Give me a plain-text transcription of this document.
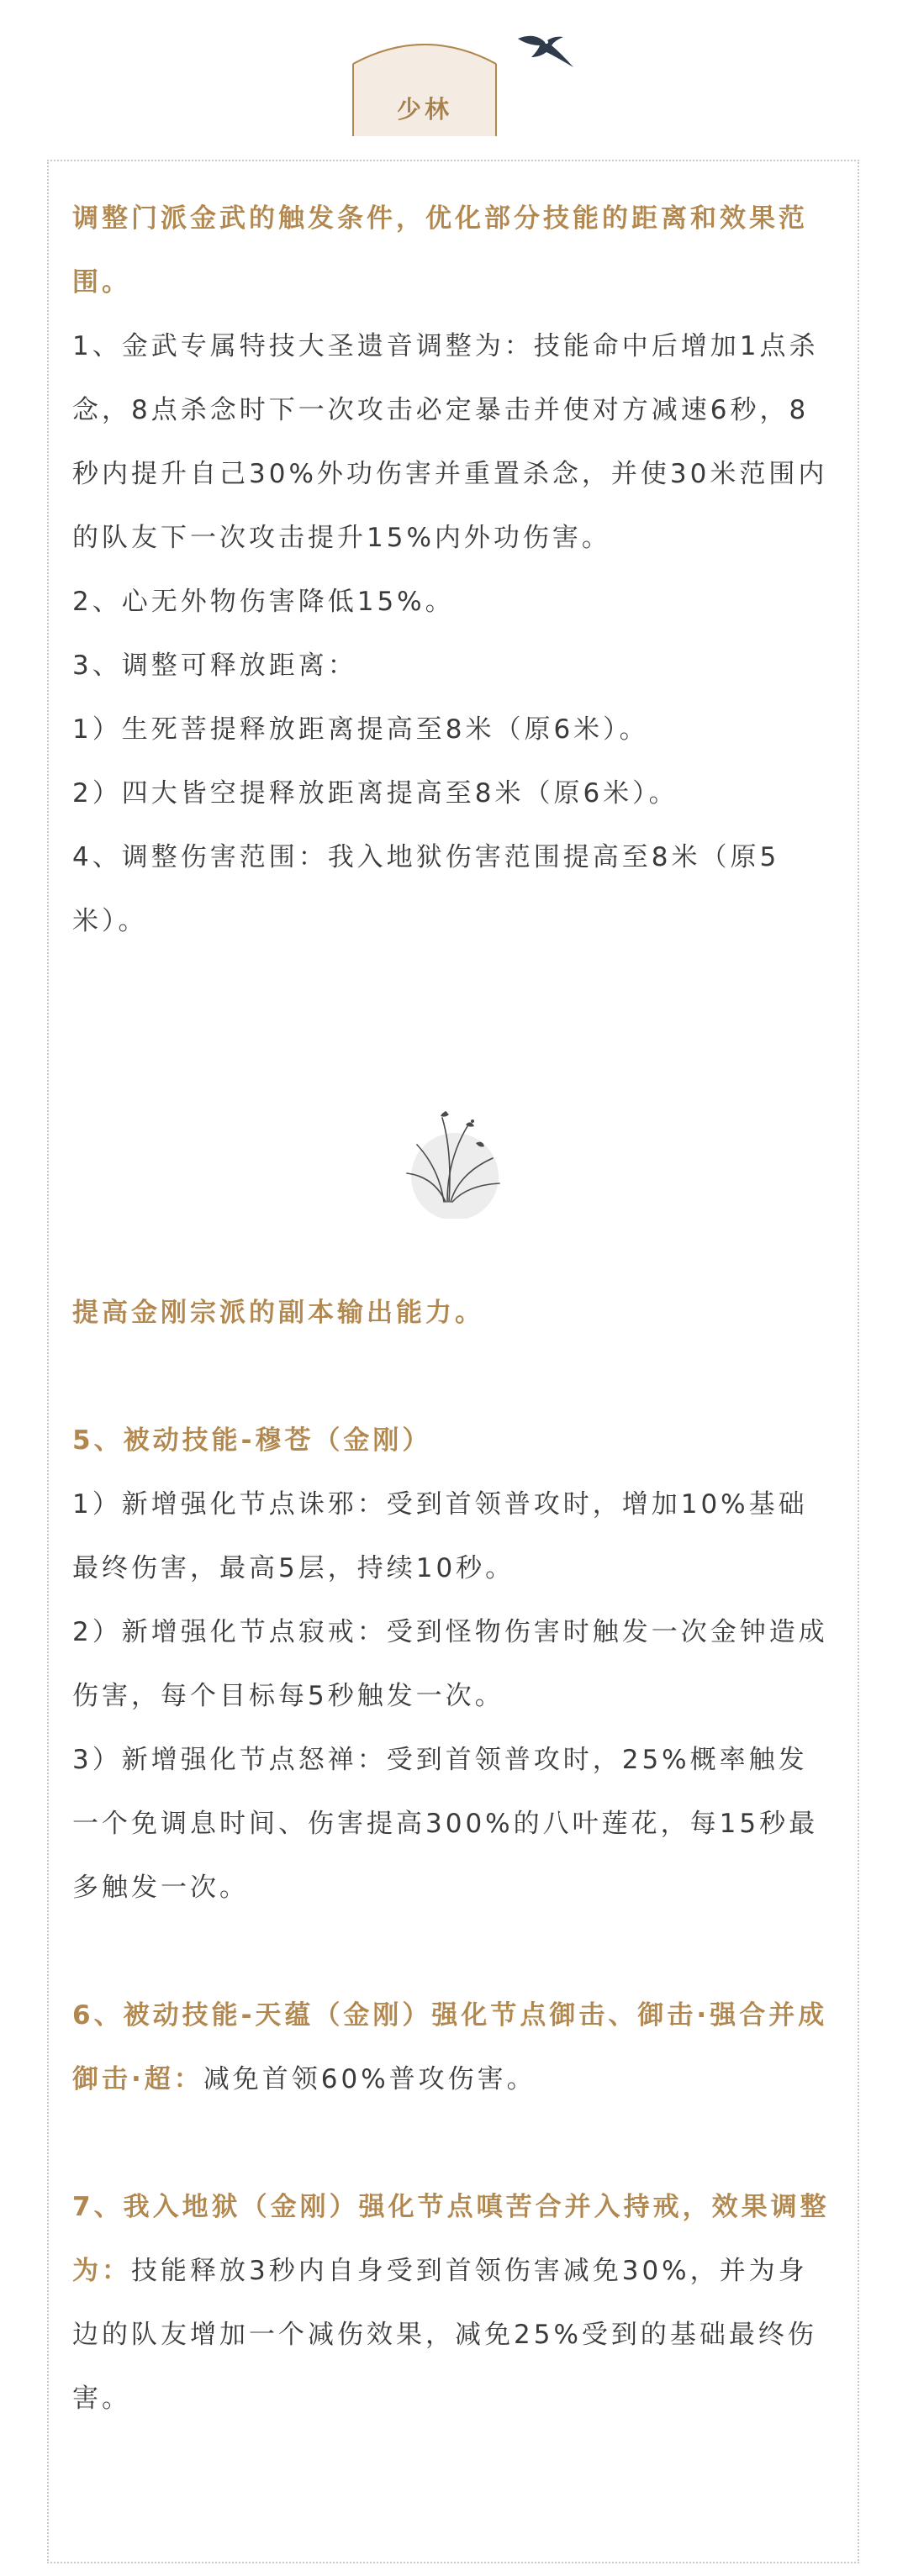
少林

调整门派金武的触发条件，优化部分技能的距离和效果范围。

1、金武专属特技大圣遗音调整为：技能命中后增加1点杀念，8点杀念时下一次攻击必定暴击并使对方减速6秒，8秒内提升自己30%外功伤害并重置杀念，并使30米范围内的队友下一次攻击提升15%内外功伤害。

2、心无外物伤害降低15%。

3、调整可释放距离：

1）生死菩提释放距离提高至8米（原6米）。

2）四大皆空提释放距离提高至8米（原6米）。

4、调整伤害范围：我入地狱伤害范围提高至8米（原5米）。

提高金刚宗派的副本输出能力。

5、被动技能-穆苍（金刚）

1）新增强化节点诛邪：受到首领普攻时，增加10%基础最终伤害，最高5层，持续10秒。

2）新增强化节点寂戒：受到怪物伤害时触发一次金钟造成伤害，每个目标每5秒触发一次。

3）新增强化节点怒禅：受到首领普攻时，25%概率触发一个免调息时间、伤害提高300%的八叶莲花，每15秒最多触发一次。

6、被动技能-天蕴（金刚）强化节点御击、御击·强合并成御击·超：减免首领60%普攻伤害。

7、我入地狱（金刚）强化节点嗔苦合并入持戒，效果调整为：技能释放3秒内自身受到首领伤害减免30%，并为身边的队友增加一个减伤效果，减免25%受到的基础最终伤害。
